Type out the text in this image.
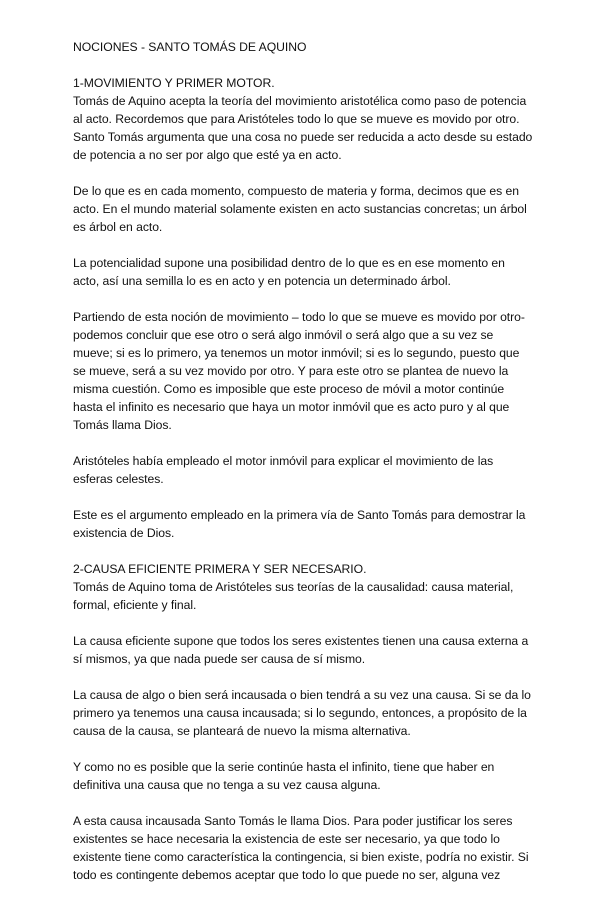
NOCIONES - SANTO TOMÁS DE AQUINO

1-MOVIMIENTO Y PRIMER MOTOR.

Tomás de Aquino acepta la teoría del movimiento aristotélica como paso de potencia al acto. Recordemos que para Aristóteles todo lo que se mueve es movido por otro. Santo Tomás argumenta que una cosa no puede ser reducida a acto desde su estado de potencia a no ser por algo que esté ya en acto.

De lo que es en cada momento, compuesto de materia y forma, decimos que es en acto. En el mundo material solamente existen en acto sustancias concretas; un árbol es árbol en acto.

La potencialidad supone una posibilidad dentro de lo que es en ese momento en acto, así una semilla lo es en acto y en potencia un determinado árbol.

Partiendo de esta noción de movimiento – todo lo que se mueve es movido por otro- podemos concluir que ese otro o será algo inmóvil o será algo que a su vez se mueve; si es lo primero, ya tenemos un motor inmóvil; si es lo segundo, puesto que se mueve, será a su vez movido por otro. Y para este otro se plantea de nuevo la misma cuestión. Como es imposible que este proceso de móvil a motor continúe hasta el infinito es necesario que haya un motor inmóvil que es acto puro y al que Tomás llama Dios.

Aristóteles había empleado el motor inmóvil para explicar el movimiento de las esferas celestes.

Este es el argumento empleado en la primera vía de Santo Tomás para demostrar la existencia de Dios.

2-CAUSA EFICIENTE PRIMERA Y SER NECESARIO.

Tomás de Aquino toma de Aristóteles sus teorías de la causalidad: causa material, formal, eficiente y final.

La causa eficiente supone que todos los seres existentes tienen una causa externa a sí mismos, ya que nada puede ser causa de sí mismo.

La causa de algo o bien será incausada o bien tendrá a su vez una causa. Si se da lo primero ya tenemos una causa incausada; si lo segundo, entonces, a propósito de la causa de la causa, se planteará de nuevo la misma alternativa.

Y como no es posible que la serie continúe hasta el infinito, tiene que haber en definitiva una causa que no tenga a su vez causa alguna.

A esta causa incausada Santo Tomás le llama Dios. Para poder justificar los seres existentes se hace necesaria la existencia de este ser necesario, ya que todo lo existente tiene como característica la contingencia, si bien existe, podría no existir. Si todo es contingente debemos aceptar que todo lo que puede no ser, alguna vez
